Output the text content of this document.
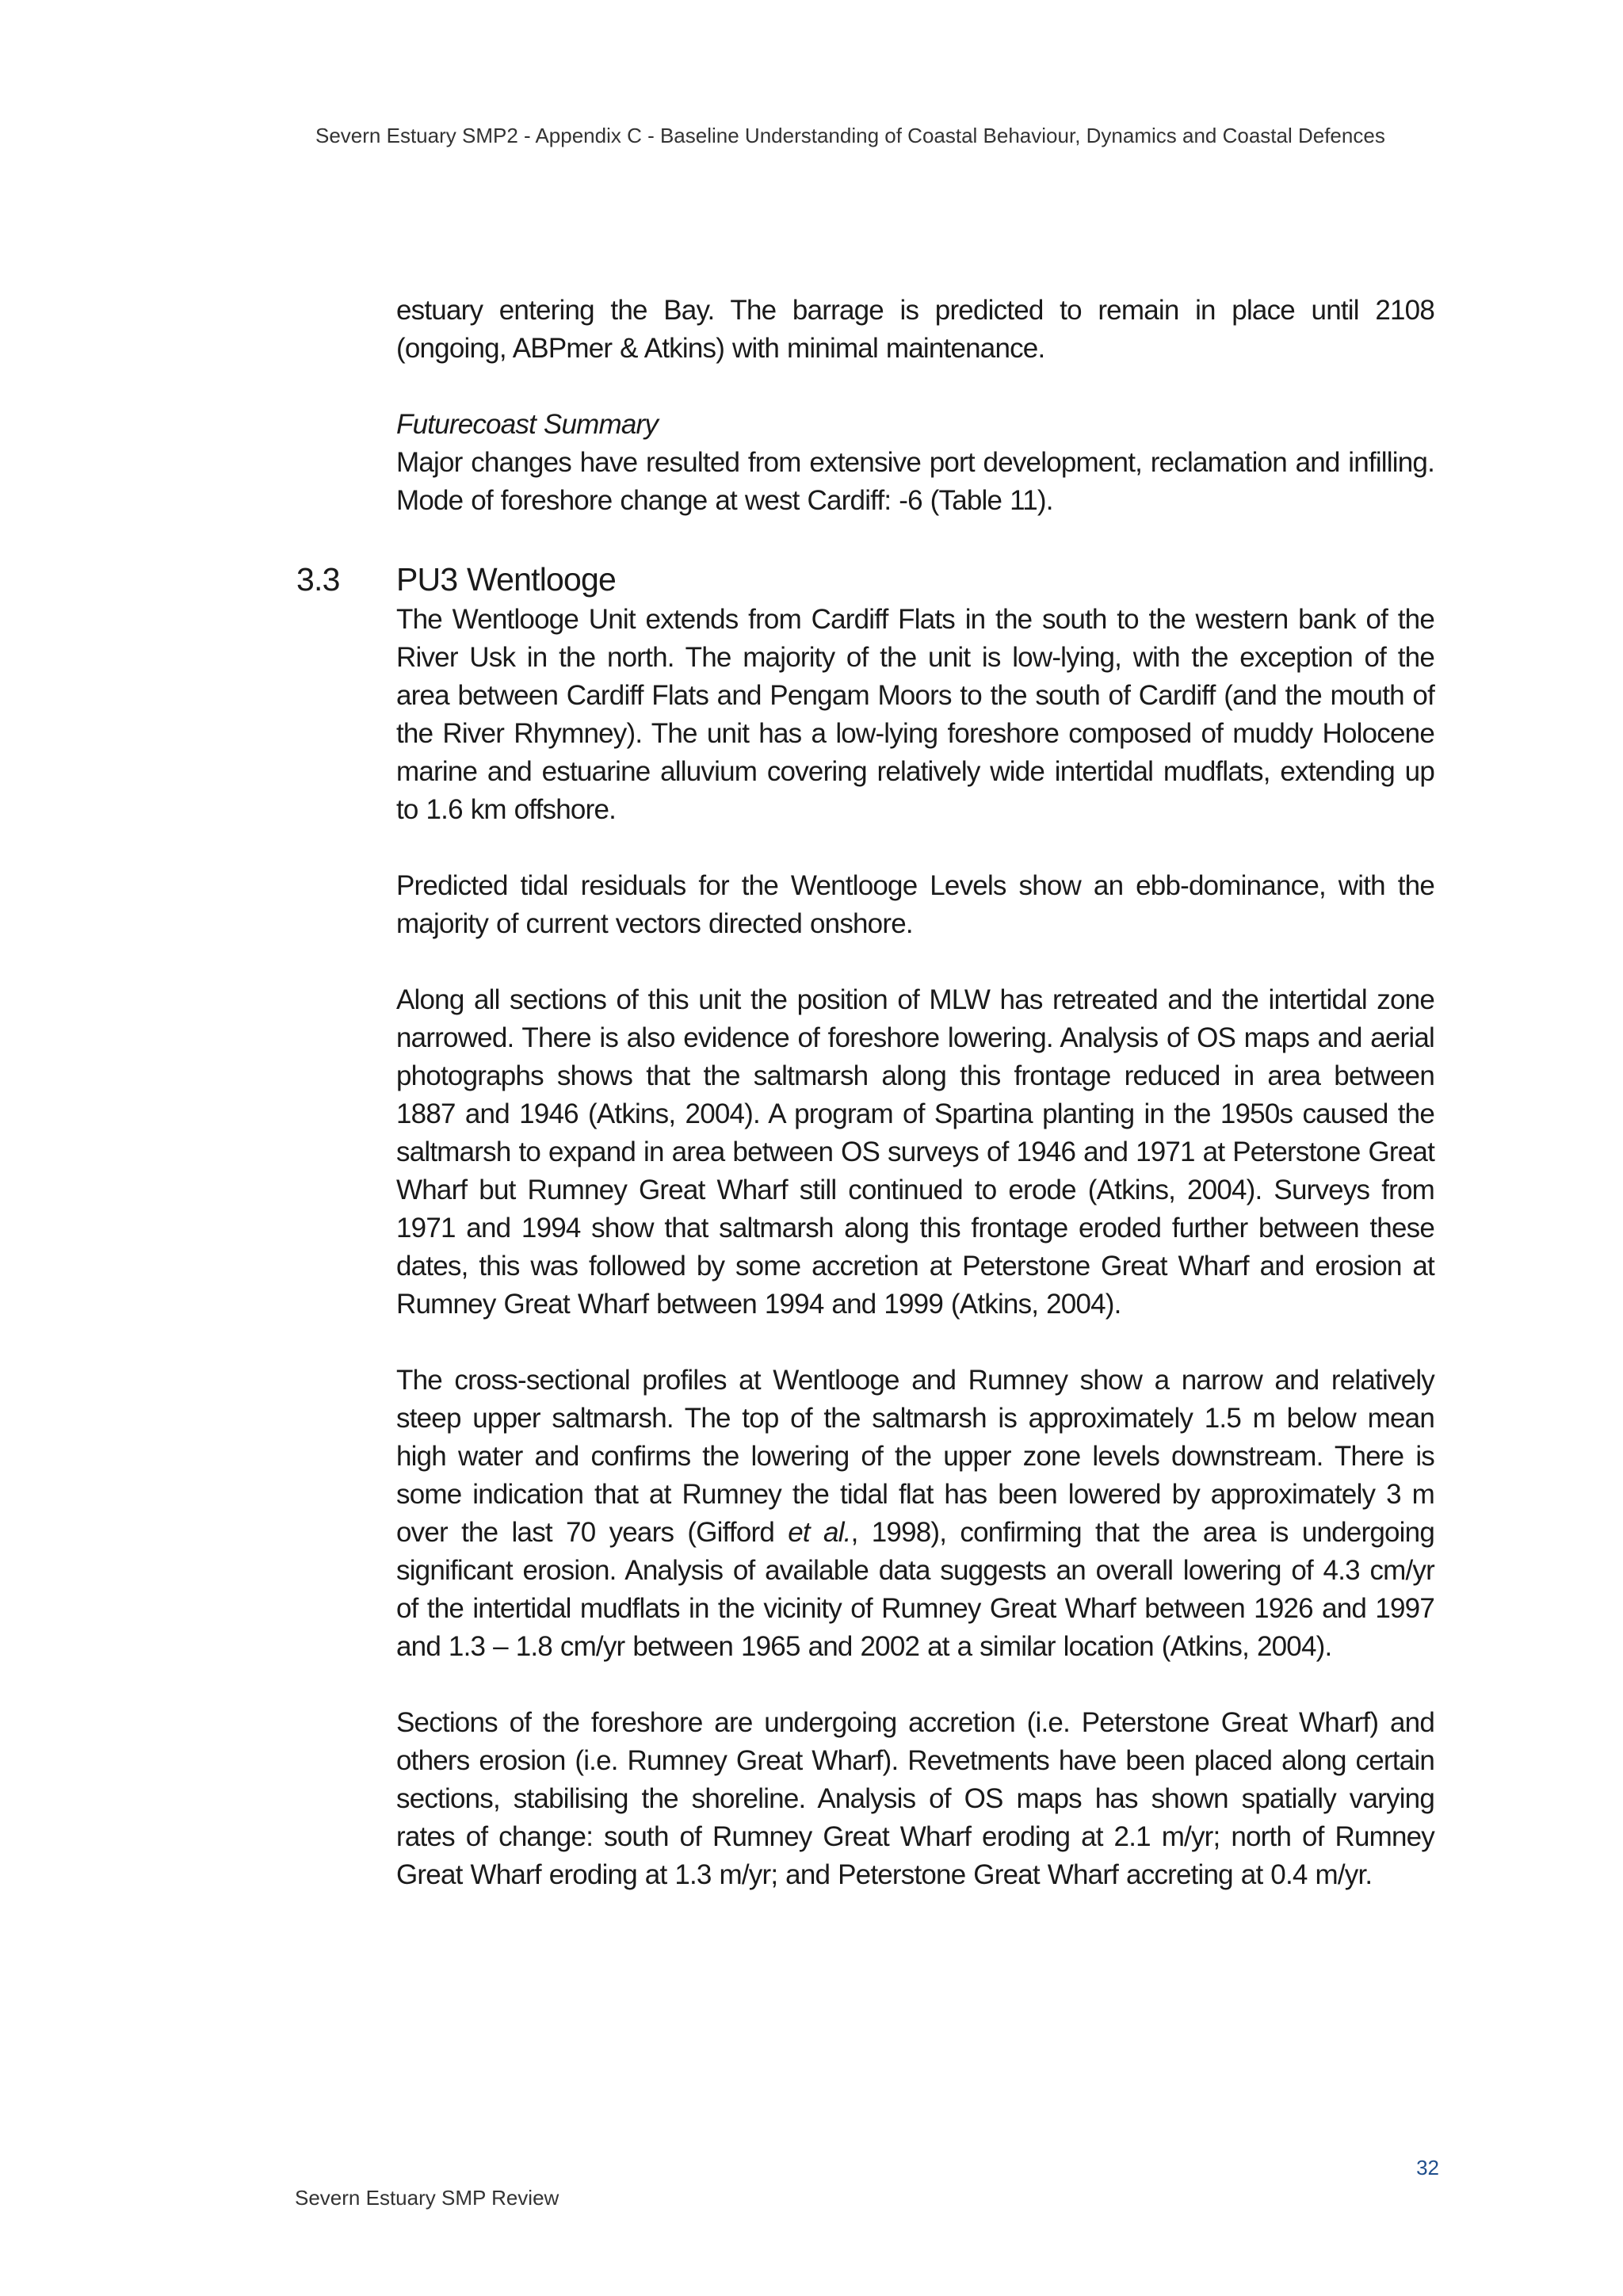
Severn Estuary SMP2 - Appendix C - Baseline Understanding of Coastal Behaviour, Dynamics and Coastal Defences

estuary entering the Bay. The barrage is predicted to remain in place until 2108 (ongoing, ABPmer & Atkins) with minimal maintenance.

Futurecoast Summary

Major changes have resulted from extensive port development, reclamation and infilling. Mode of foreshore change at west Cardiff: -6 (Table 11).

3.3 PU3 Wentlooge

The Wentlooge Unit extends from Cardiff Flats in the south to the western bank of the River Usk in the north. The majority of the unit is low-lying, with the exception of the area between Cardiff Flats and Pengam Moors to the south of Cardiff (and the mouth of the River Rhymney). The unit has a low-lying foreshore composed of muddy Holocene marine and estuarine alluvium covering relatively wide intertidal mudflats, extending up to 1.6 km offshore.

Predicted tidal residuals for the Wentlooge Levels show an ebb-dominance, with the majority of current vectors directed onshore.

Along all sections of this unit the position of MLW has retreated and the intertidal zone narrowed. There is also evidence of foreshore lowering. Analysis of OS maps and aerial photographs shows that the saltmarsh along this frontage reduced in area between 1887 and 1946 (Atkins, 2004). A program of Spartina planting in the 1950s caused the saltmarsh to expand in area between OS surveys of 1946 and 1971 at Peterstone Great Wharf but Rumney Great Wharf still continued to erode (Atkins, 2004). Surveys from 1971 and 1994 show that saltmarsh along this frontage eroded further between these dates, this was followed by some accretion at Peterstone Great Wharf and erosion at Rumney Great Wharf between 1994 and 1999 (Atkins, 2004).

The cross-sectional profiles at Wentlooge and Rumney show a narrow and relatively steep upper saltmarsh. The top of the saltmarsh is approximately 1.5 m below mean high water and confirms the lowering of the upper zone levels downstream. There is some indication that at Rumney the tidal flat has been lowered by approximately 3 m over the last 70 years (Gifford et al., 1998), confirming that the area is undergoing significant erosion. Analysis of available data suggests an overall lowering of 4.3 cm/yr of the intertidal mudflats in the vicinity of Rumney Great Wharf between 1926 and 1997 and 1.3 – 1.8 cm/yr between 1965 and 2002 at a similar location (Atkins, 2004).

Sections of the foreshore are undergoing accretion (i.e. Peterstone Great Wharf) and others erosion (i.e. Rumney Great Wharf). Revetments have been placed along certain sections, stabilising the shoreline. Analysis of OS maps has shown spatially varying rates of change: south of Rumney Great Wharf eroding at 2.1 m/yr; north of Rumney Great Wharf eroding at 1.3 m/yr; and Peterstone Great Wharf accreting at 0.4 m/yr.

32
Severn Estuary SMP Review
